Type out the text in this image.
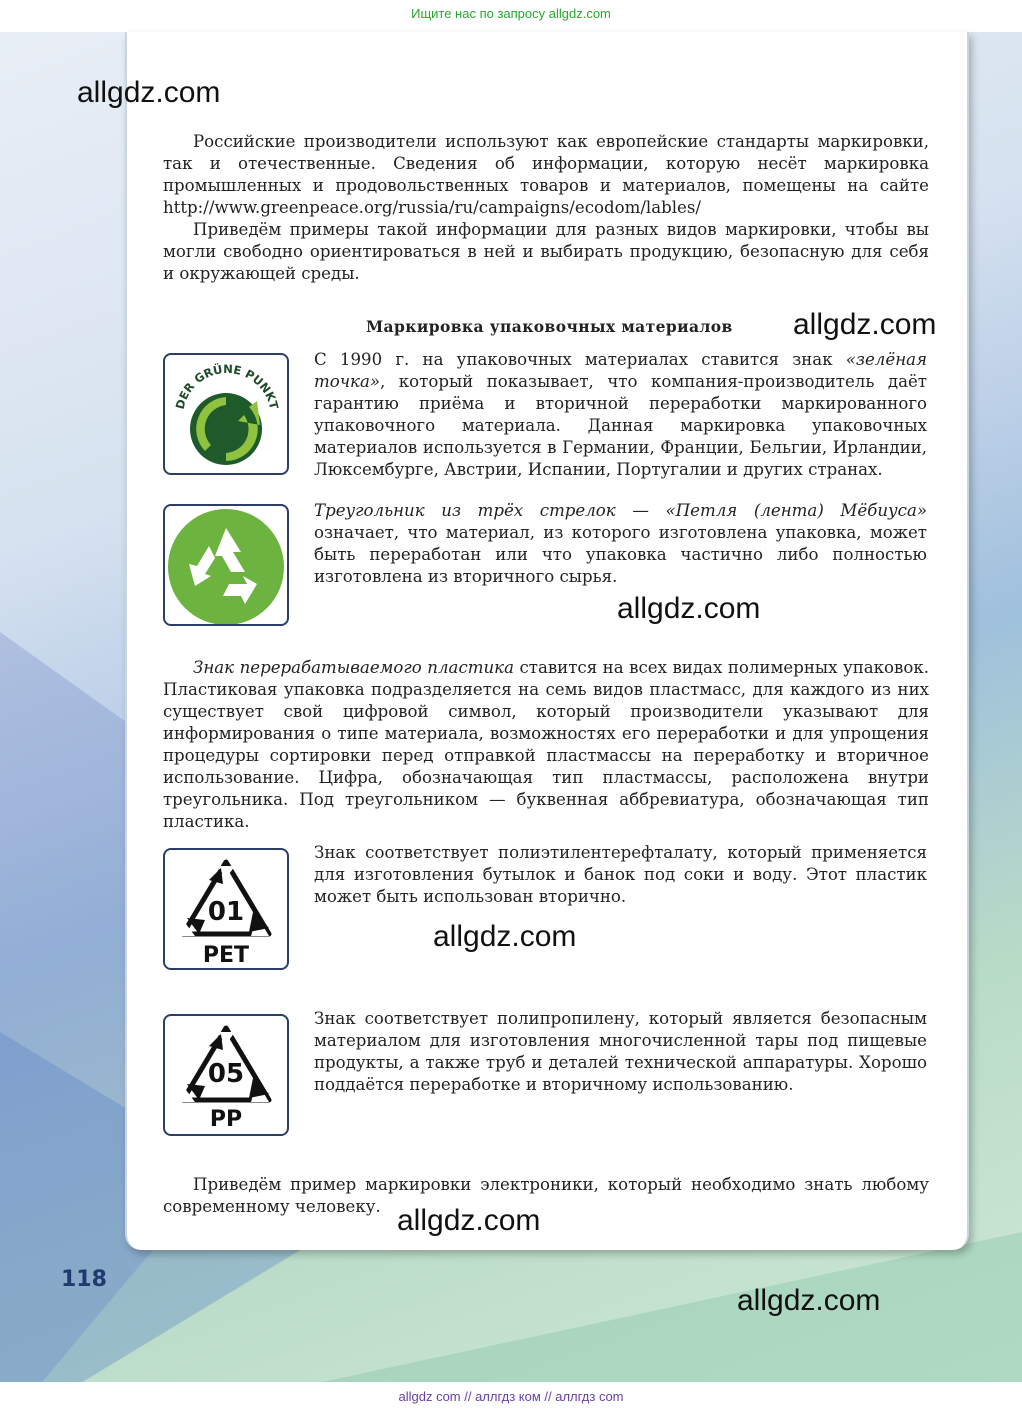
Ищите нас по запросу allgdz.com
allgdz.com

Российские производители используют как европейские стандарты маркировки, так и отечественные. Сведения об информации, которую несёт маркировка промышленных и продовольственных товаров и материалов, помещены на сайте http://www.greenpeace.org/russia/ru/campaigns/ecodom/lables/

Приведём примеры такой информации для разных видов маркировки, чтобы вы могли свободно ориентироваться в ней и выбирать продукцию, безопасную для себя и окружающей среды.

Маркировка упаковочных материалов allgdz.com
DER GRÜNE PUNKT
С 1990 г. на упаковочных материалах ставится знак «зелёная точка», который показывает, что компания-производитель даёт гарантию приёма и вторичной переработки маркированного упаковочного материала. Данная маркировка упаковочных материалов используется в Германии, Франции, Бельгии, Ирландии, Люксембурге, Австрии, Испании, Португалии и других странах.
Треугольник из трёх стрелок — «Петля (лента) Мёбиуса» означает, что материал, из которого изготовлена упаковка, может быть переработан или что упаковка частично либо полностью изготовлена из вторичного сырья.
allgdz.com

Знак перерабатываемого пластика ставится на всех видах полимерных упаковок. Пластиковая упаковка подразделяется на семь видов пластмасс, для каждого из них существует свой цифровой символ, который производители указывают для информирования о типе материала, возможностях его переработки и для упрощения процедуры сортировки перед отправкой пластмассы на переработку и вторичное использование. Цифра, обозначающая тип пластмассы, расположена внутри треугольника. Под треугольником — буквенная аббревиатура, обозначающая тип пластика.

01
PET
Знак соответствует полиэтилентерефталату, который применяется для изготовления бутылок и банок под соки и воду. Этот пластик может быть использован вторично.
allgdz.com
05
PP
Знак соответствует полипропилену, который является безопасным материалом для изготовления многочисленной тары под пищевые продукты, а также труб и деталей технической аппаратуры. Хорошо поддаётся переработке и вторичному использованию.

Приведём пример маркировки электроники, который необходимо знать любому современному человеку. allgdz.com
118
allgdz.com
allgdz com // аллгдз ком // аллгдз com
